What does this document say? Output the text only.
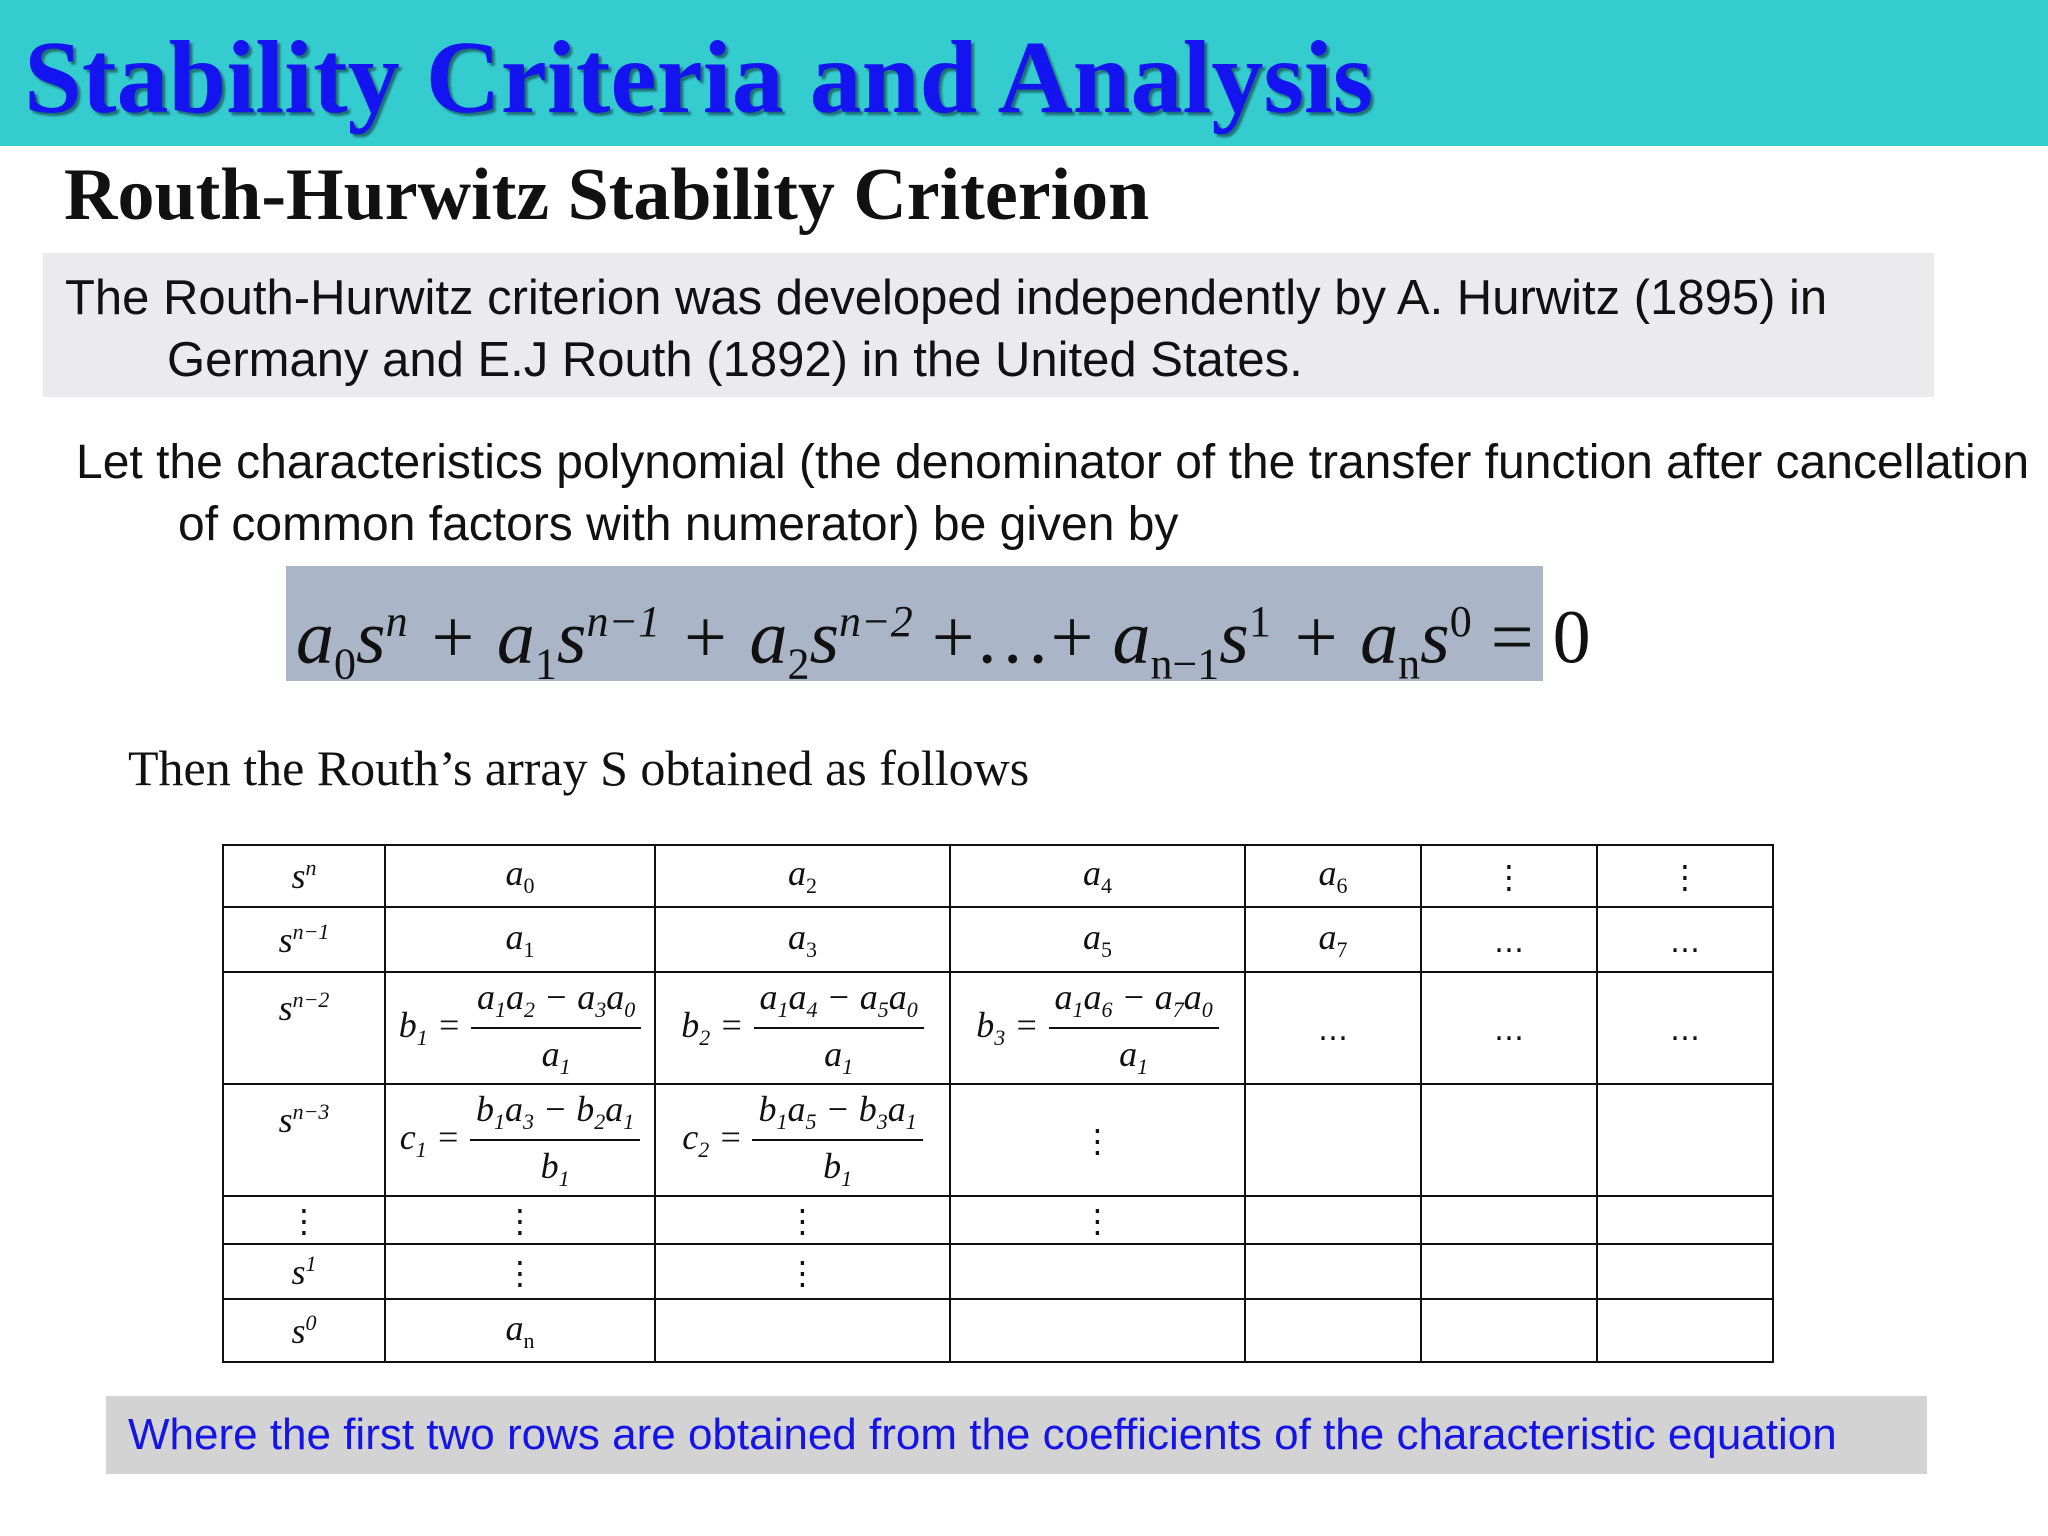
Stability Criteria and Analysis
Routh-Hurwitz Stability Criterion
The Routh-Hurwitz criterion was developed independently by A. Hurwitz (1895) in Germany and E.J Routh (1892) in the United States.
Let the characteristics polynomial (the denominator of the transfer function after cancellation of common factors with numerator) be given by
$a_0s^n + a_1s^{n-1} + a_2s^{n-2}$ +…+ $a_{n-1}s^1 + a_ns^0 = 0$
Then the Routh’s array S obtained as follows
$s^n$	$a_0$	$a_2$	$a_4$	$a_6$	⋮	⋮
$s^{n-1}$	$a_1$	$a_3$	$a_5$	$a_7$	…	…
$s^{n-2}$	$b_1 = \frac{a_1a_2 - a_3a_0}{a_1}$	$b_2 = \frac{a_1a_4 - a_5a_0}{a_1}$	$b_3 = \frac{a_1a_6 - a_7a_0}{a_1}$	…	…	…
$s^{n-3}$	$c_1 = \frac{b_1a_3 - b_2a_1}{b_1}$	$c_2 = \frac{b_1a_5 - b_3a_1}{b_1}$	⋮			
⋮	⋮	⋮	⋮			
$s^1$	⋮	⋮				
$s^0$	$a_n$					
Where the first two rows are obtained from the coefficients of the characteristic equation
